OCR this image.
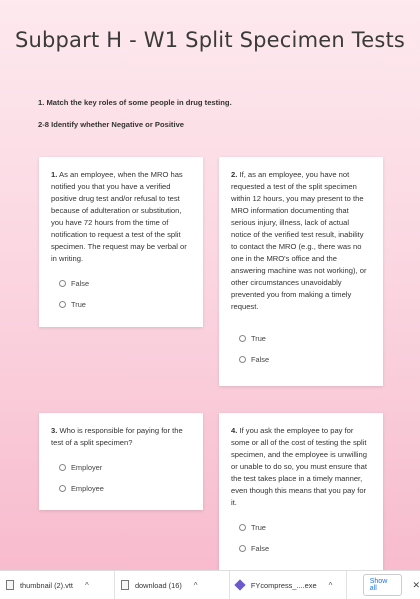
Subpart H - W1 Split Specimen Tests
1. Match the key roles of some people in drug testing.
2-8 Identify whether Negative or Positive
1. As an employee, when the MRO has notified you that you have a verified positive drug test and/or refusal to test because of adulteration or substitution, you have 72 hours from the time of notification to request a test of the split specimen. The request may be verbal or in writing.
False
True
2. If, as an employee, you have not requested a test of the split specimen within 12 hours, you may present to the MRO information documenting that serious injury, illness, lack of actual notice of the verified test result, inability to contact the MRO (e.g., there was no one in the MRO's office and the answering machine was not working), or other circumstances unavoidably prevented you from making a timely request.
True
False
3. Who is responsible for paying for the test of a split specimen?
Employer
Employee
4. If you ask the employee to pay for some or all of the cost of testing the split specimen, and the employee is unwilling or unable to do so, you must ensure that the test takes place in a timely manner, even though this means that you pay for it.
True
False
thumbnail (2).vtt ^	download (16) ^	FYcompress_....exe ^	Show all	✕
